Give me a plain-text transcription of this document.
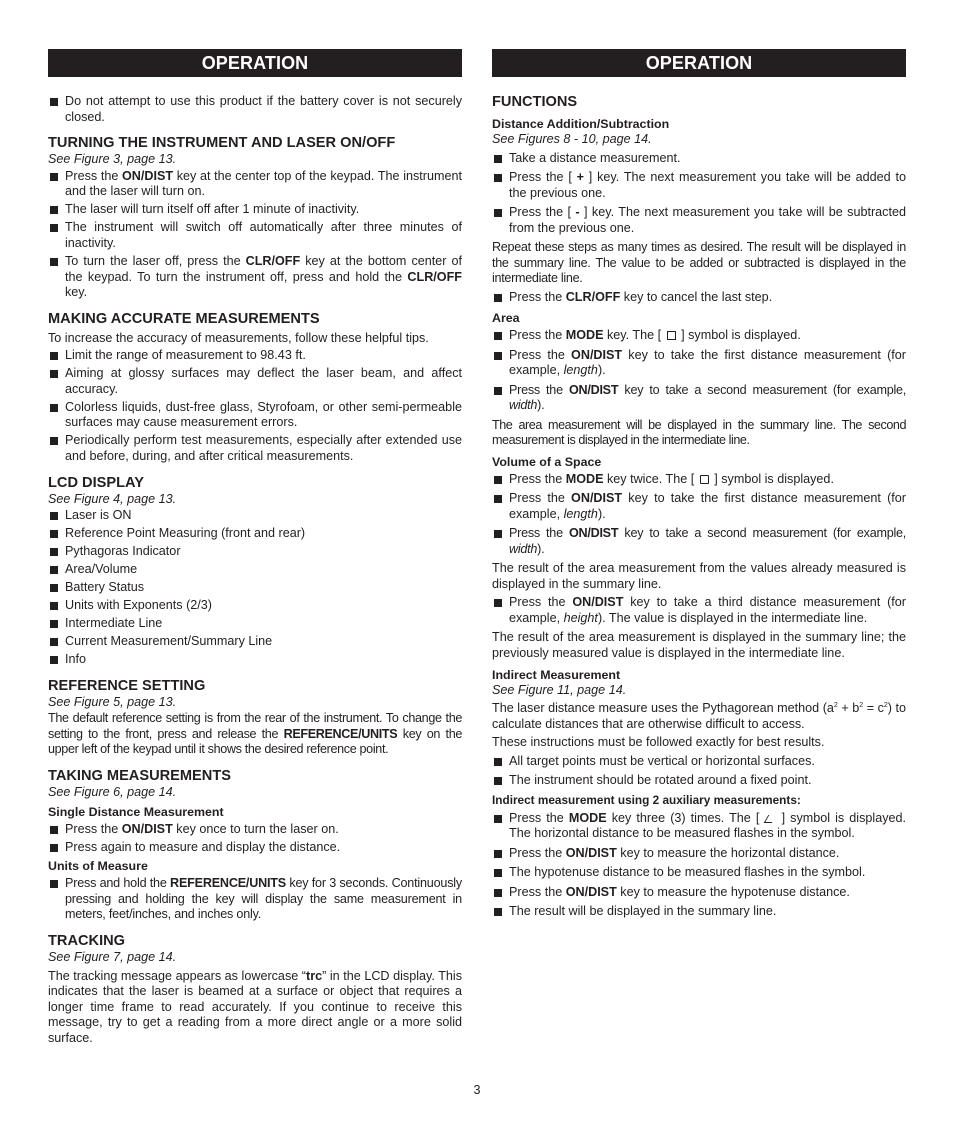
OPERATION
Do not attempt to use this product if the battery cover is not securely closed.
TURNING THE INSTRUMENT AND LASER ON/OFF
See Figure 3, page 13.
Press the ON/DIST key at the center top of the keypad. The instrument and the laser will turn on.
The laser will turn itself off after 1 minute of inactivity.
The instrument will switch off automatically after three minutes of inactivity.
To turn the laser off, press the CLR/OFF key at the bottom center of the keypad. To turn the instrument off, press and hold the CLR/OFF key.
MAKING ACCURATE MEASUREMENTS

To increase the accuracy of measurements, follow these helpful tips.

Limit the range of measurement to 98.43 ft.
Aiming at glossy surfaces may deflect the laser beam, and affect accuracy.
Colorless liquids, dust-free glass, Styrofoam, or other semi-permeable surfaces may cause measurement errors.
Periodically perform test measurements, especially after extended use and before, during, and after critical measurements.
LCD DISPLAY
See Figure 4, page 13.
Laser is ON
Reference Point Measuring (front and rear)
Pythagoras Indicator
Area/Volume
Battery Status
Units with Exponents (2/3)
Intermediate Line
Current Measurement/Summary Line
Info
REFERENCE SETTING
See Figure 5, page 13.

The default reference setting is from the rear of the instrument. To change the setting to the front, press and release the REFERENCE/UNITS key on the upper left of the keypad until it shows the desired reference point.

TAKING MEASUREMENTS
See Figure 6, page 14.
Single Distance Measurement
Press the ON/DIST key once to turn the laser on.
Press again to measure and display the distance.
Units of Measure
Press and hold the REFERENCE/UNITS key for 3 seconds. Continuously pressing and holding the key will display the same measurement in meters, feet/inches, and inches only.
TRACKING
See Figure 7, page 14.

The tracking message appears as lowercase “trc” in the LCD display. This indicates that the laser is beamed at a surface or object that requires a longer time frame to read accurately. If you continue to receive this message, try to get a reading from a more direct angle or a more solid surface.

OPERATION
FUNCTIONS
Distance Addition/Subtraction
See Figures 8 - 10, page 14.
Take a distance measurement.
Press the [ + ] key. The next measurement you take will be added to the previous one.
Press the [ - ] key. The next measurement you take will be subtracted from the previous one.

Repeat these steps as many times as desired. The result will be displayed in the summary line. The value to be added or subtracted is displayed in the intermediate line.

Press the CLR/OFF key to cancel the last step.
Area
Press the MODE key. The [  ] symbol is displayed.
Press the ON/DIST key to take the first distance measurement (for example, length).
Press the ON/DIST key to take a second measurement (for example, width).

The area measurement will be displayed in the summary line. The second measurement is displayed in the intermediate line.

Volume of a Space
Press the MODE key twice. The [  ] symbol is displayed.
Press the ON/DIST key to take the first distance measurement (for example, length).
Press the ON/DIST key to take a second measurement (for example, width).

The result of the area measurement from the values already measured is displayed in the summary line.

Press the ON/DIST key to take a third distance measurement (for example, height). The value is displayed in the intermediate line.

The result of the area measurement is displayed in the summary line; the previously measured value is displayed in the intermediate line.

Indirect Measurement
See Figure 11, page 14.

The laser distance measure uses the Pythagorean method $(a^2 + b^2 = c^2)$ to calculate distances that are otherwise difficult to access.

These instructions must be followed exactly for best results.

All target points must be vertical or horizontal surfaces.
The instrument should be rotated around a fixed point.
Indirect measurement using 2 auxiliary measurements:
Press the MODE key three (3) times. The [  ] symbol is displayed. The horizontal distance to be measured flashes in the symbol.
Press the ON/DIST key to measure the horizontal distance.
The hypotenuse distance to be measured flashes in the symbol.
Press the ON/DIST key to measure the hypotenuse distance.
The result will be displayed in the summary line.
3
